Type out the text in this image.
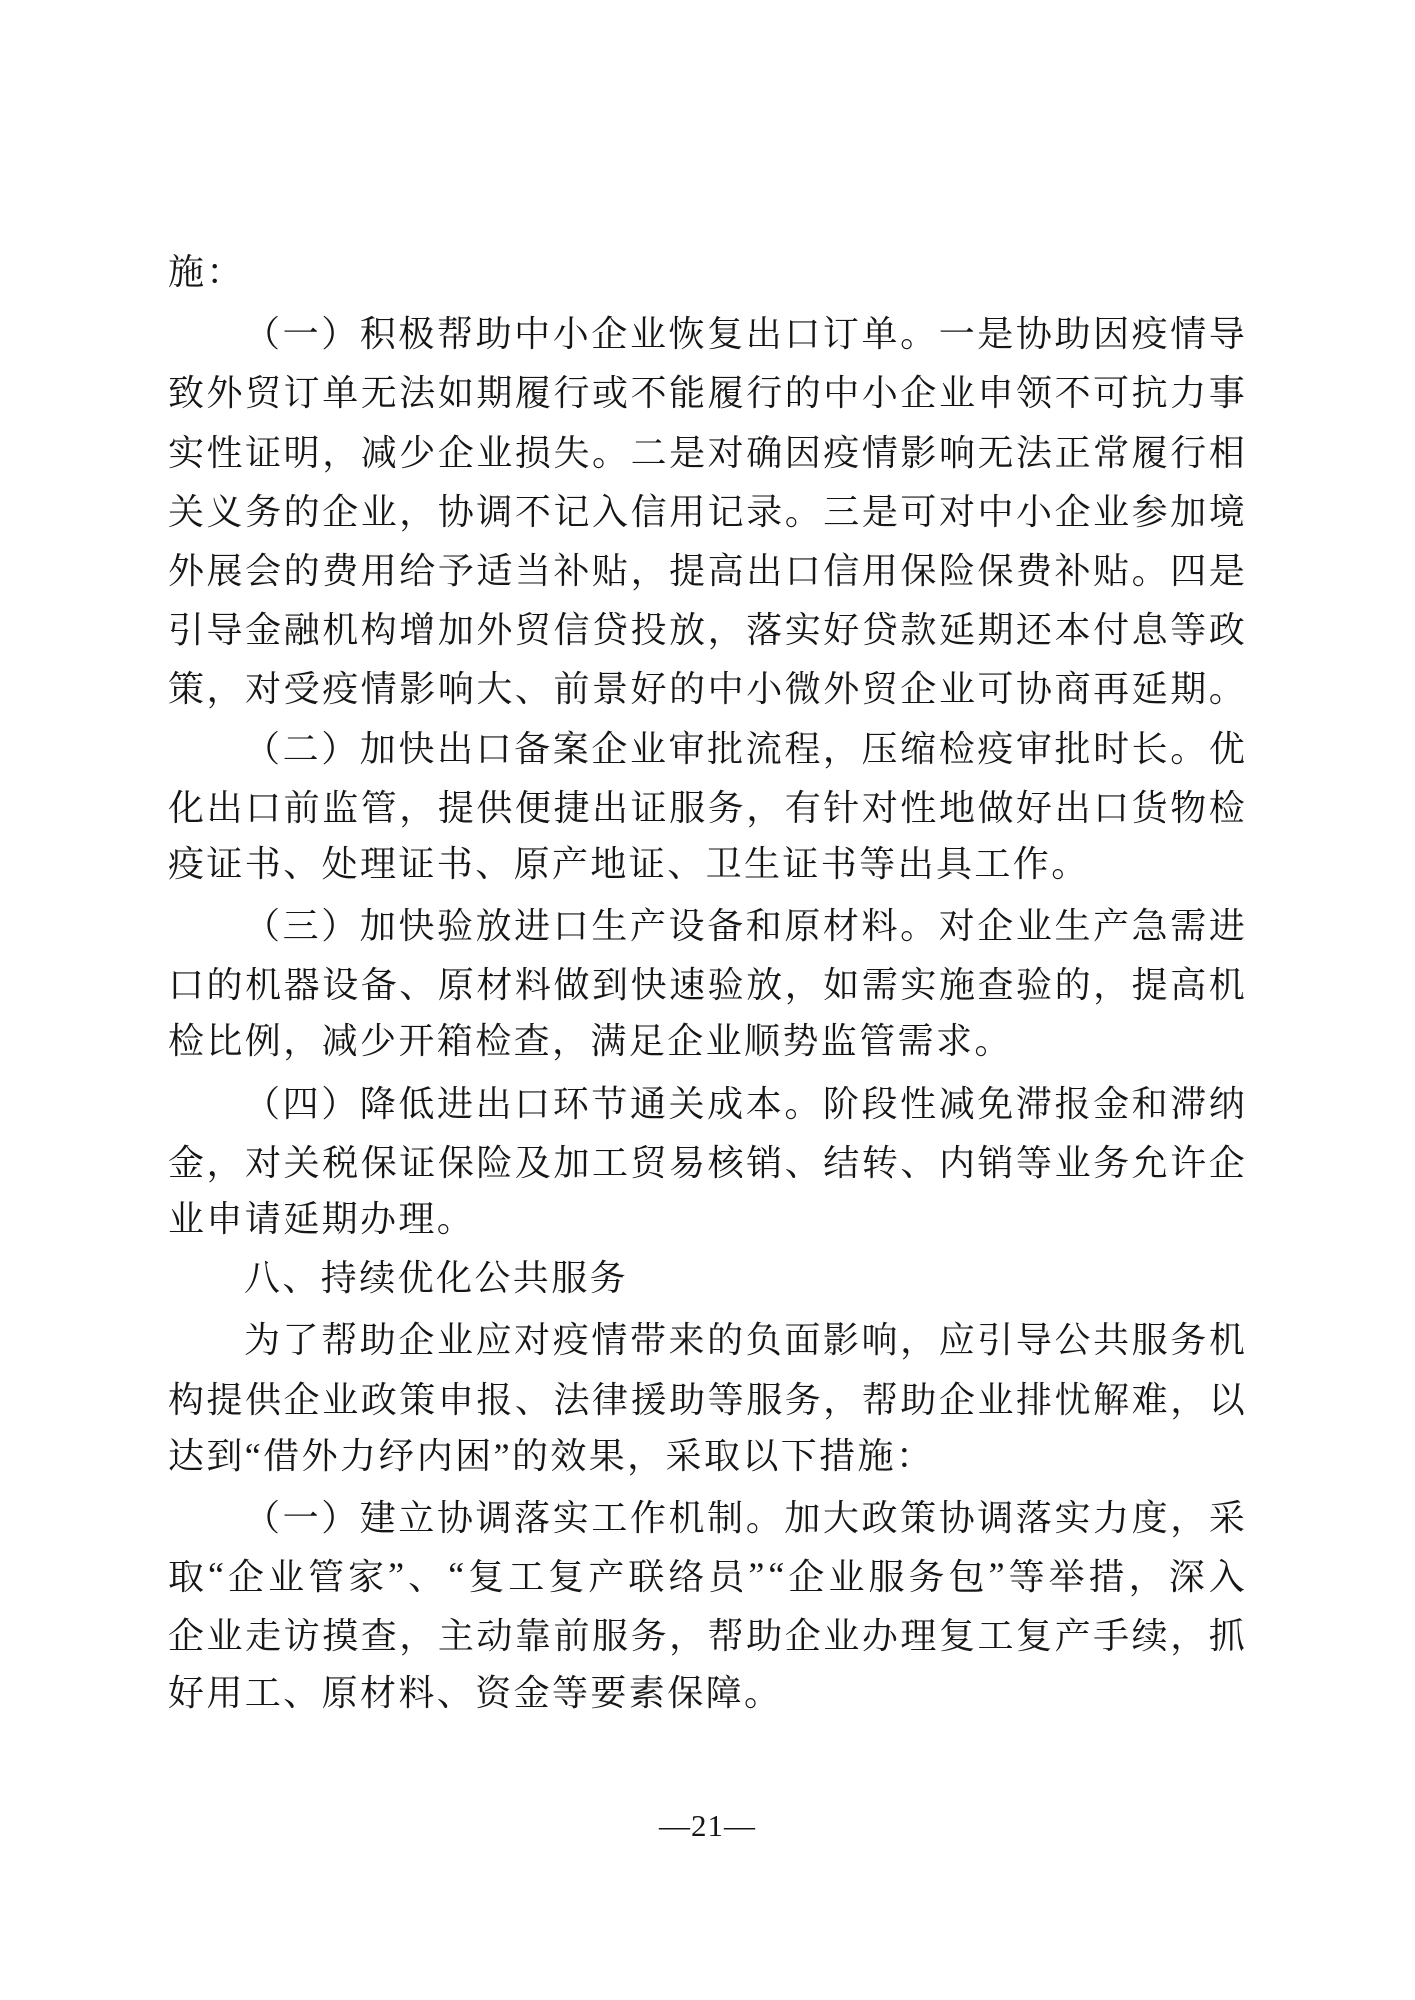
施：
（ 一 ） 积 极 帮 助 中 小 企 业 恢 复 出 口 订 单 。 一 是 协 助 因 疫 情 导
致 外 贸 订 单 无 法 如 期 履 行 或 不 能 履 行 的 中 小 企 业 申 领 不 可 抗 力 事
实 性 证 明 ， 减 少 企 业 损 失 。 二 是 对 确 因 疫 情 影 响 无 法 正 常 履 行 相
关 义 务 的 企 业 ， 协 调 不 记 入 信 用 记 录 。 三 是 可 对 中 小 企 业 参 加 境
外 展 会 的 费 用 给 予 适 当 补 贴 ， 提 高 出 口 信 用 保 险 保 费 补 贴 。 四 是
引 导 金 融 机 构 增 加 外 贸 信 贷 投 放 ， 落 实 好 贷 款 延 期 还 本 付 息 等 政
策 ， 对 受 疫 情 影 响 大 、 前 景 好 的 中 小 微 外 贸 企 业 可 协 商 再 延 期 。
（ 二 ） 加 快 出 口 备 案 企 业 审 批 流 程 ， 压 缩 检 疫 审 批 时 长 。 优
化 出 口 前 监 管 ， 提 供 便 捷 出 证 服 务 ， 有 针 对 性 地 做 好 出 口 货 物 检
疫证书、处理证书、原产地证、卫生证书等出具工作。
（ 三 ） 加 快 验 放 进 口 生 产 设 备 和 原 材 料 。 对 企 业 生 产 急 需 进
口 的 机 器 设 备 、 原 材 料 做 到 快 速 验 放 ， 如 需 实 施 查 验 的 ， 提 高 机
检比例，减少开箱检查，满足企业顺势监管需求。
（ 四 ） 降 低 进 出 口 环 节 通 关 成 本 。 阶 段 性 减 免 滞 报 金 和 滞 纳
金 ， 对 关 税 保 证 保 险 及 加 工 贸 易 核 销 、 结 转 、 内 销 等 业 务 允 许 企
业申请延期办理。
八、持续优化公共服务
为 了 帮 助 企 业 应 对 疫 情 带 来 的 负 面 影 响 ， 应 引 导 公 共 服 务 机
构 提 供 企 业 政 策 申 报 、 法 律 援 助 等 服 务 ， 帮 助 企 业 排 忧 解 难 ， 以
达到“借外力纾内困”的效果，采取以下措施：
（ 一 ） 建 立 协 调 落 实 工 作 机 制 。 加 大 政 策 协 调 落 实 力 度 ， 采
取 “ 企 业 管 家 ” 、 “ 复 工 复 产 联 络 员 ” “ 企 业 服 务 包 ” 等 举 措 ， 深 入
企 业 走 访 摸 查 ， 主 动 靠 前 服 务 ， 帮 助 企 业 办 理 复 工 复 产 手 续 ， 抓
好用工、原材料、资金等要素保障。
—21—
